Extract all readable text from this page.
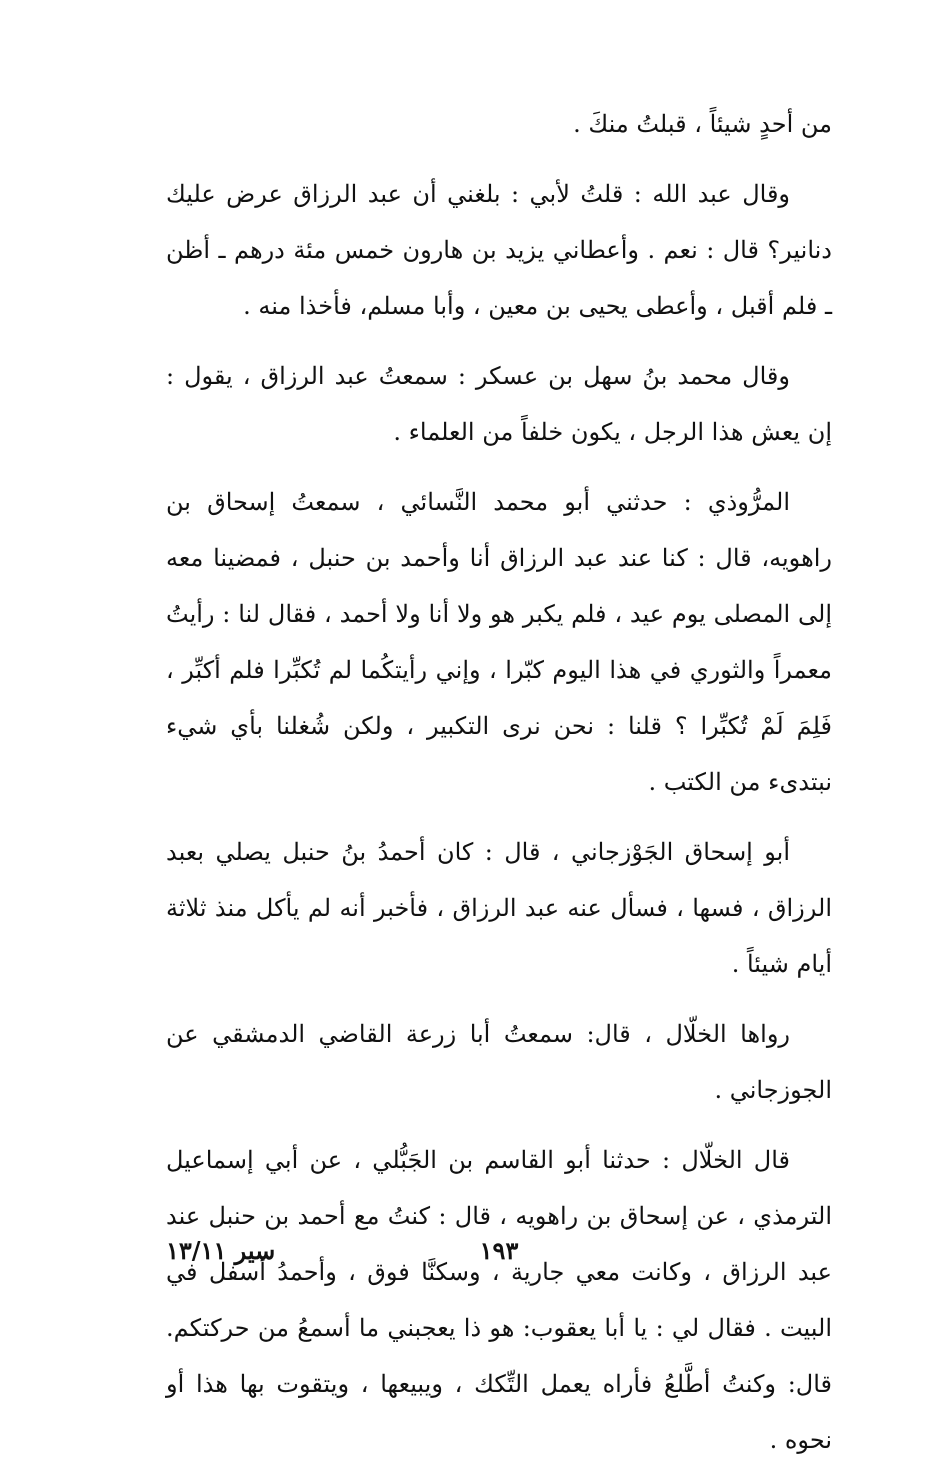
من أحدٍ شيئاً ، قبلتُ منكَ .

وقال عبد الله : قلتُ لأبي : بلغني أن عبد الرزاق عرض عليك دنانير؟ قال : نعم . وأعطاني يزيد بن هارون خمس مئة درهم ـ أظن ـ فلم أقبل ، وأعطى يحيى بن معين ، وأبا مسلم، فأخذا منه .

وقال محمد بنُ سهل بن عسكر : سمعتُ عبد الرزاق ، يقول : إن يعش هذا الرجل ، يكون خلفاً من العلماء .

المرُّوذي : حدثني أبو محمد النَّسائي ، سمعتُ إسحاق بن راهويه، قال : كنا عند عبد الرزاق أنا وأحمد بن حنبل ، فمضينا معه إلى المصلى يوم عيد ، فلم يكبر هو ولا أنا ولا أحمد ، فقال لنا : رأيتُ معمراً والثوري في هذا اليوم كبّرا ، وإني رأيتكُما لم تُكبِّرا فلم أكبِّر ، فَلِمَ لَمْ تُكبِّرا ؟ قلنا : نحن نرى التكبير ، ولكن شُغلنا بأي شيء نبتدىء من الكتب .

أبو إسحاق الجَوْزجاني ، قال : كان أحمدُ بنُ حنبل يصلي بعبد الرزاق ، فسها ، فسأل عنه عبد الرزاق ، فأخبر أنه لم يأكل منذ ثلاثة أيام شيئاً .

رواها الخلّال ، قال: سمعتُ أبا زرعة القاضي الدمشقي عن الجوزجاني .

قال الخلّال : حدثنا أبو القاسم بن الجَبُّلي ، عن أبي إسماعيل الترمذي ، عن إسحاق بن راهويه ، قال : كنتُ مع أحمد بن حنبل عند عبد الرزاق ، وكانت معي جارية ، وسكنَّا فوق ، وأحمدُ أسفل في البيت . فقال لي : يا أبا يعقوب: هو ذا يعجبني ما أسمعُ من حركتكم. قال: وكنتُ أطَّلعُ فأراه يعمل التِّكك ، ويبيعها ، ويتقوت بها هذا أو نحوه .

١٩٣
سير ١٣/١١
